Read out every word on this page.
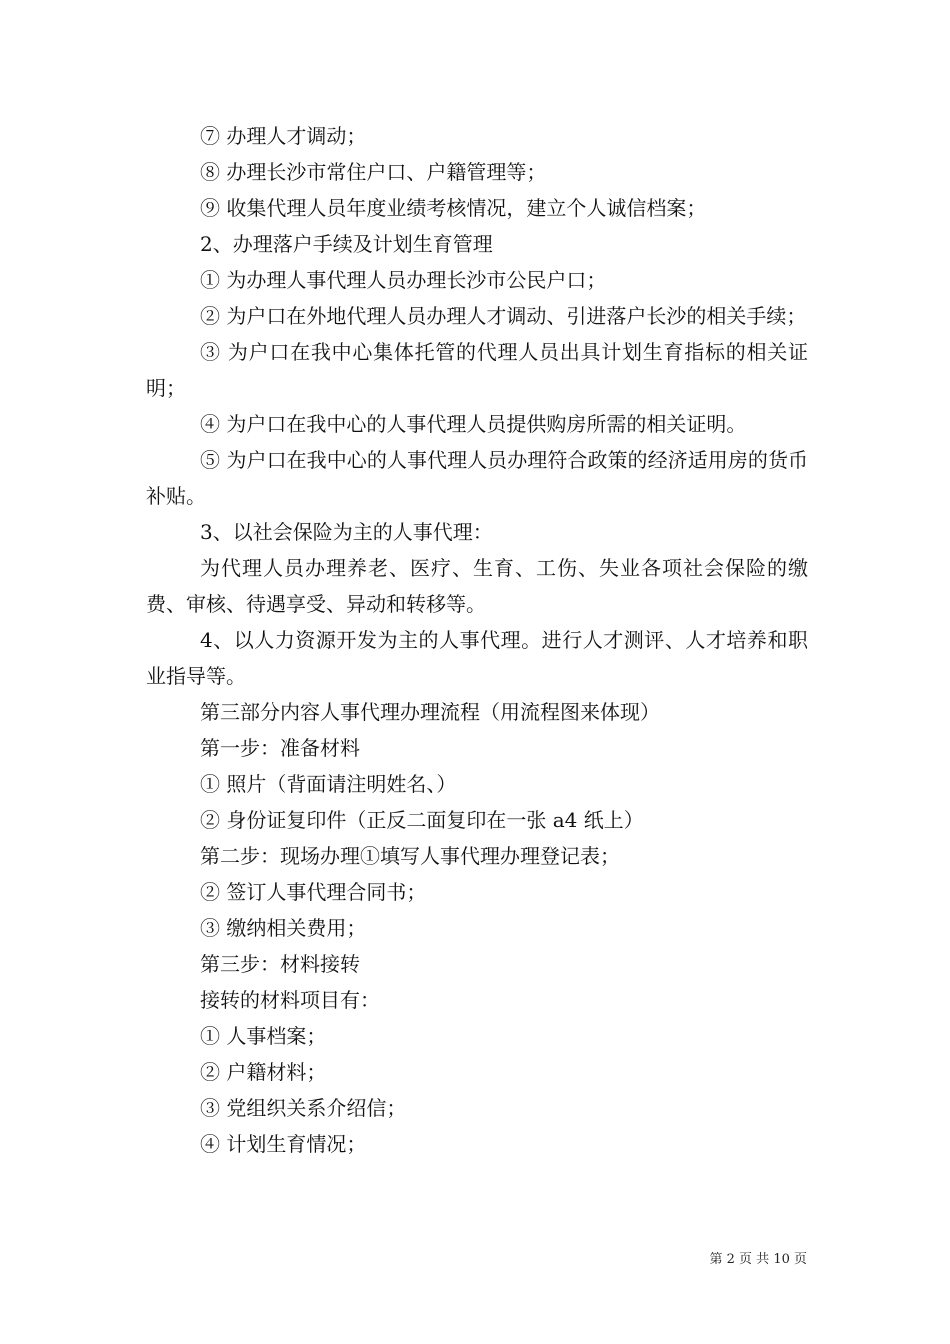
⑦ 办理人才调动；

⑧ 办理长沙市常住户口、户籍管理等；

⑨ 收集代理人员年度业绩考核情况，建立个人诚信档案；

2、办理落户手续及计划生育管理

① 为办理人事代理人员办理长沙市公民户口；

② 为户口在外地代理人员办理人才调动、引进落户长沙的相关手续；

③ 为户口在我中心集体托管的代理人员出具计划生育指标的相关证明；

④ 为户口在我中心的人事代理人员提供购房所需的相关证明。

⑤ 为户口在我中心的人事代理人员办理符合政策的经济适用房的货币补贴。

3、以社会保险为主的人事代理：

为代理人员办理养老、医疗、生育、工伤、失业各项社会保险的缴费、审核、待遇享受、异动和转移等。

4、以人力资源开发为主的人事代理。进行人才测评、人才培养和职业指导等。

第三部分内容人事代理办理流程（用流程图来体现）

第一步：准备材料

① 照片（背面请注明姓名、）

② 身份证复印件（正反二面复印在一张 a4 纸上）

第二步：现场办理①填写人事代理办理登记表；

② 签订人事代理合同书；

③ 缴纳相关费用；

第三步：材料接转

接转的材料项目有：

① 人事档案；

② 户籍材料；

③ 党组织关系介绍信；

④ 计划生育情况；

第 2 页 共 10 页
